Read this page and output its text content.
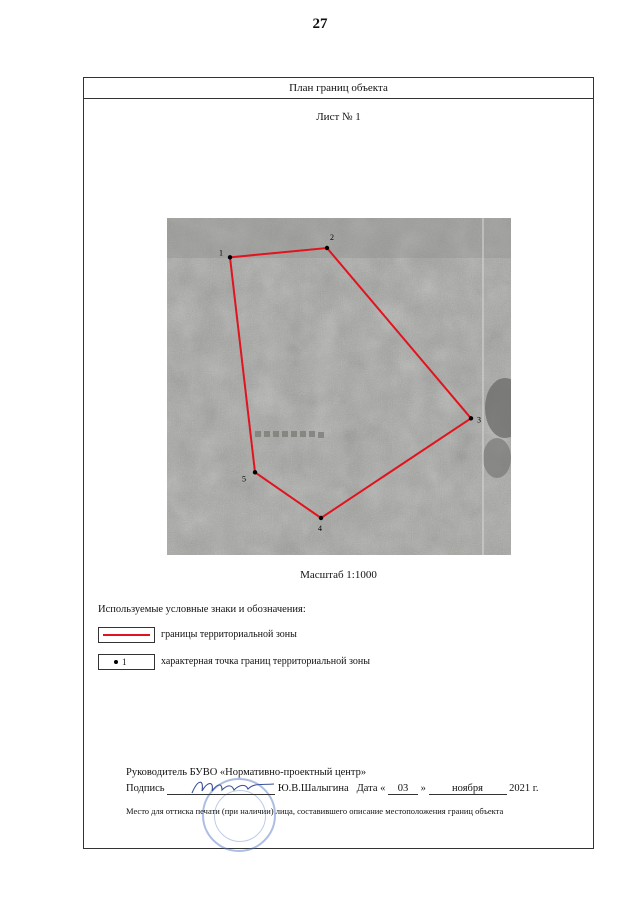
27
План границ объекта
Лист № 1
1
2
3
4
5
Масштаб 1:1000
Используемые условные знаки и обозначения:
границы территориальной зоны
1	характерная точка границ территориальной зоны
Руководитель БУВО «Нормативно-проектный центр»
Подпись	Ю.В.Шалыгина Дата « 03 » ноября 2021 г.
Место для оттиска печати (при наличии) лица, составившего описание местоположения границ объекта
